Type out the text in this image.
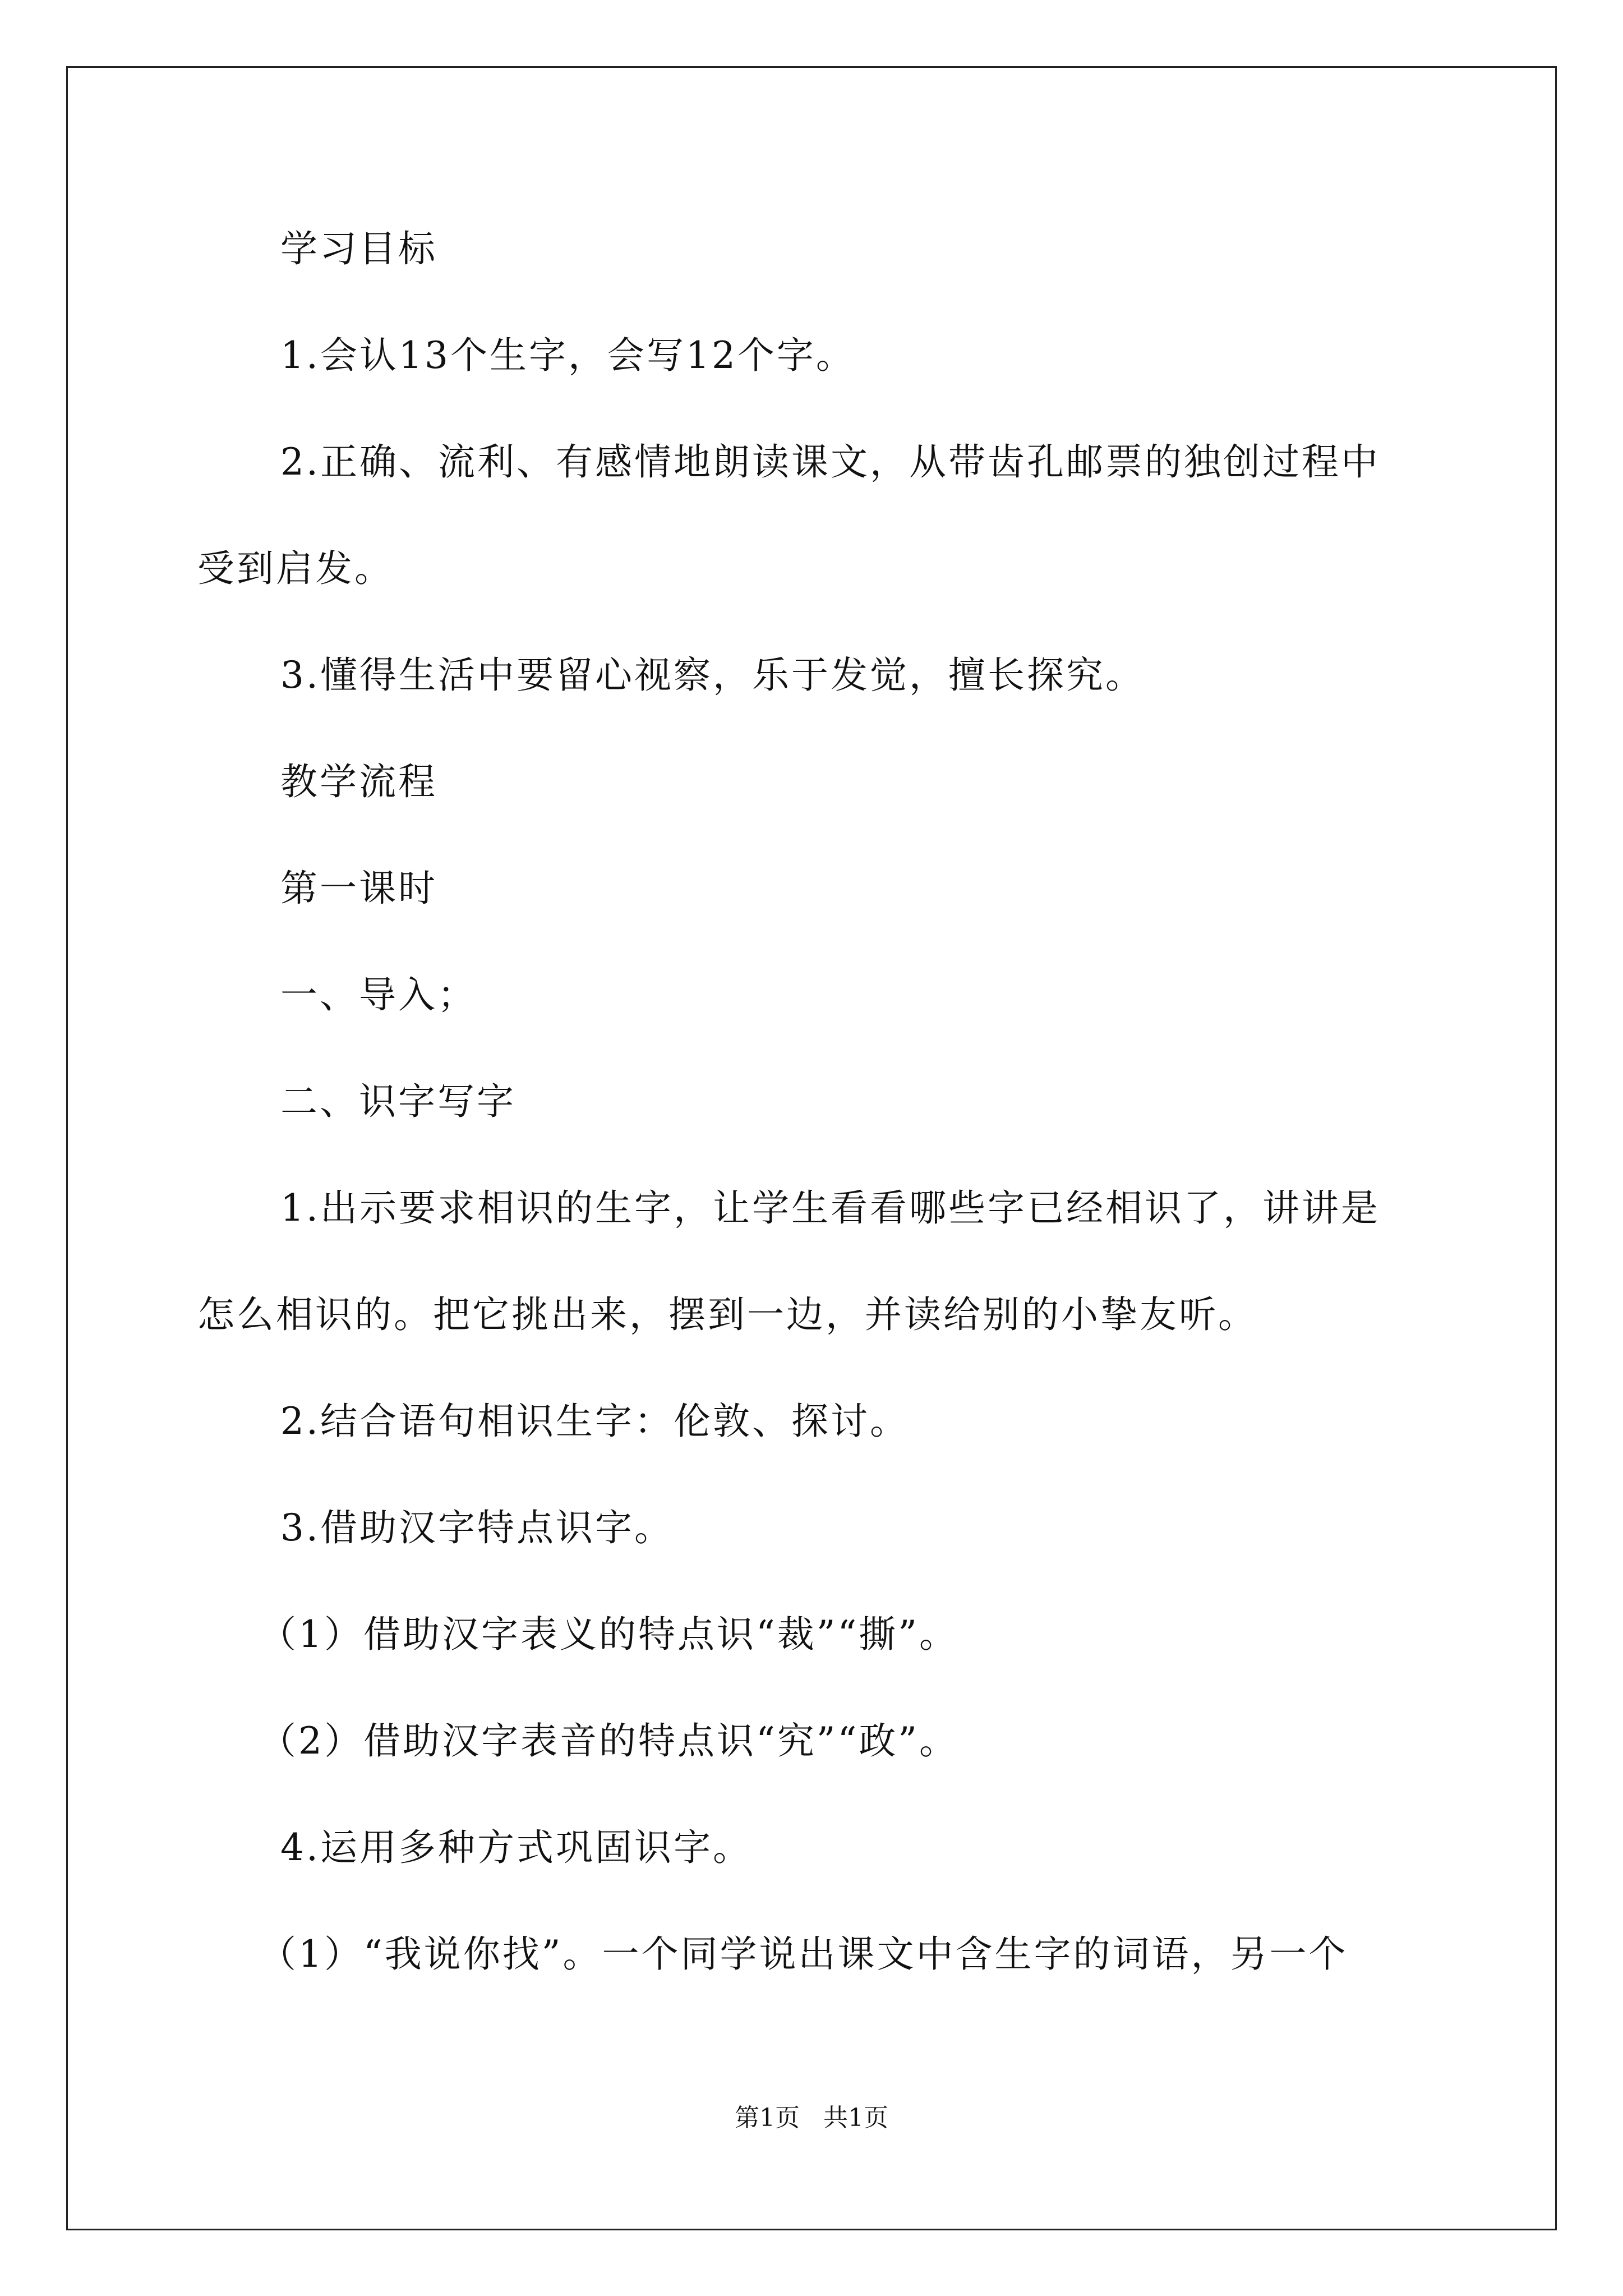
学习目标
1.会认13个生字，会写12个字。
2.正确、流利、有感情地朗读课文，从带齿孔邮票的独创过程中
受到启发。
3.懂得生活中要留心视察，乐于发觉，擅长探究。
教学流程
第一课时
一、导入；
二、识字写字
1.出示要求相识的生字，让学生看看哪些字已经相识了，讲讲是
怎么相识的。把它挑出来，摆到一边，并读给别的小挚友听。
2.结合语句相识生字：伦敦、探讨。
3.借助汉字特点识字。
（1）借助汉字表义的特点识“裁”“撕”。
（2）借助汉字表音的特点识“究”“政”。
4.运用多种方式巩固识字。
（1）“我说你找”。一个同学说出课文中含生字的词语，另一个
第1页   共1页
